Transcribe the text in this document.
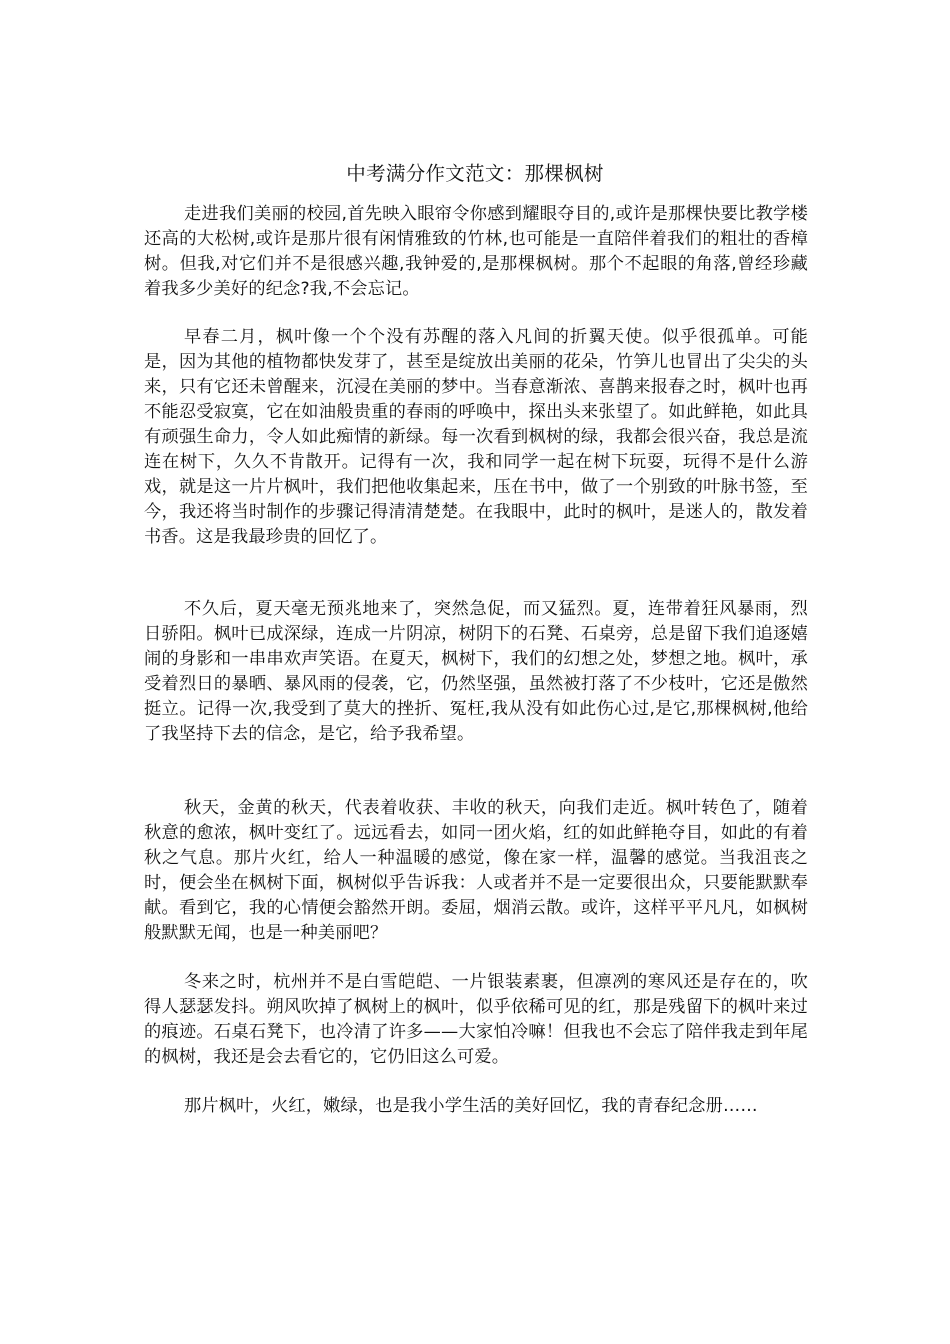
中考满分作文范文：那棵枫树

走进我们美丽的校园,首先映入眼帘令你感到耀眼夺目的,或许是那棵快要比教学楼还高的大松树,或许是那片很有闲情雅致的竹林,也可能是一直陪伴着我们的粗壮的香樟树。但我,对它们并不是很感兴趣,我钟爱的,是那棵枫树。那个不起眼的角落,曾经珍藏着我多少美好的纪念?我,不会忘记。

早春二月，枫叶像一个个没有苏醒的落入凡间的折翼天使。似乎很孤单。可能是，因为其他的植物都快发芽了，甚至是绽放出美丽的花朵，竹笋儿也冒出了尖尖的头来，只有它还未曾醒来，沉浸在美丽的梦中。当春意渐浓、喜鹊来报春之时，枫叶也再不能忍受寂寞，它在如油般贵重的春雨的呼唤中，探出头来张望了。如此鲜艳，如此具有顽强生命力，令人如此痴情的新绿。每一次看到枫树的绿，我都会很兴奋，我总是流连在树下，久久不肯散开。记得有一次，我和同学一起在树下玩耍，玩得不是什么游戏，就是这一片片枫叶，我们把他收集起来，压在书中，做了一个别致的叶脉书签，至今，我还将当时制作的步骤记得清清楚楚。在我眼中，此时的枫叶，是迷人的，散发着书香。这是我最珍贵的回忆了。

不久后，夏天毫无预兆地来了，突然急促，而又猛烈。夏，连带着狂风暴雨，烈日骄阳。枫叶已成深绿，连成一片阴凉，树阴下的石凳、石桌旁，总是留下我们追逐嬉闹的身影和一串串欢声笑语。在夏天，枫树下，我们的幻想之处，梦想之地。枫叶，承受着烈日的暴晒、暴风雨的侵袭，它，仍然坚强，虽然被打落了不少枝叶，它还是傲然挺立。记得一次,我受到了莫大的挫折、冤枉,我从没有如此伤心过,是它,那棵枫树,他给了我坚持下去的信念，是它，给予我希望。

秋天，金黄的秋天，代表着收获、丰收的秋天，向我们走近。枫叶转色了，随着秋意的愈浓，枫叶变红了。远远看去，如同一团火焰，红的如此鲜艳夺目，如此的有着秋之气息。那片火红，给人一种温暖的感觉，像在家一样，温馨的感觉。当我沮丧之时，便会坐在枫树下面，枫树似乎告诉我：人或者并不是一定要很出众，只要能默默奉献。看到它，我的心情便会豁然开朗。委屈，烟消云散。或许，这样平平凡凡，如枫树般默默无闻，也是一种美丽吧？

冬来之时，杭州并不是白雪皑皑、一片银装素裹，但凛冽的寒风还是存在的，吹得人瑟瑟发抖。朔风吹掉了枫树上的枫叶，似乎依稀可见的红，那是残留下的枫叶来过的痕迹。石桌石凳下，也冷清了许多——大家怕冷嘛！但我也不会忘了陪伴我走到年尾的枫树，我还是会去看它的，它仍旧这么可爱。

那片枫叶，火红，嫩绿，也是我小学生活的美好回忆，我的青春纪念册……
